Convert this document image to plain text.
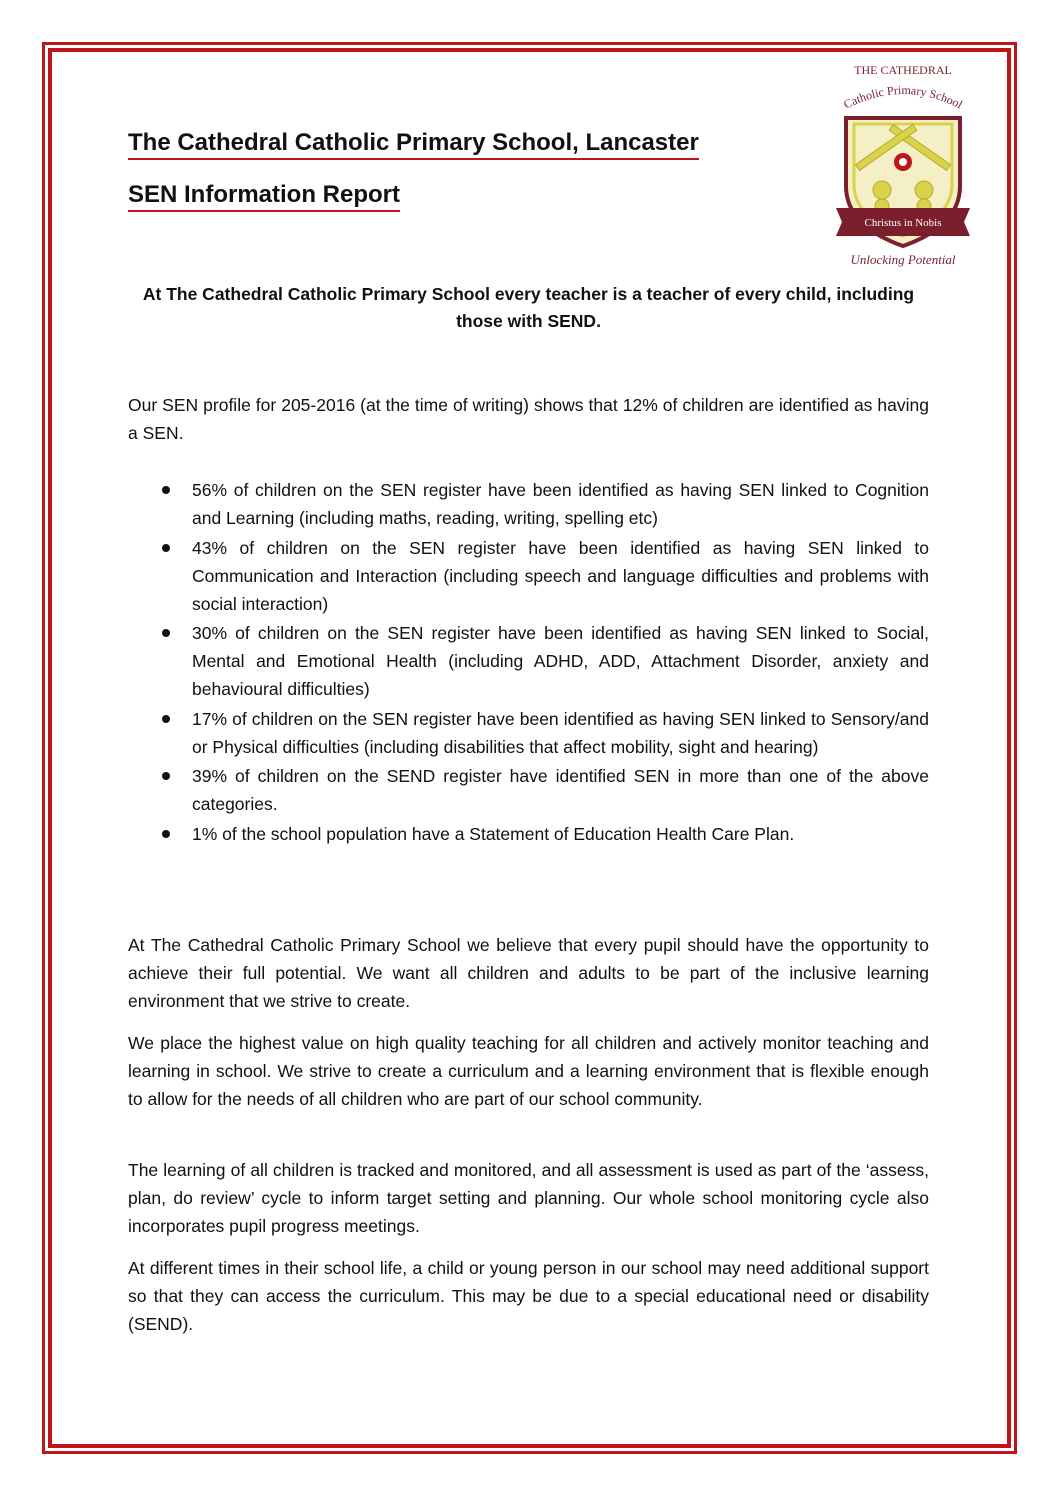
The Cathedral Catholic Primary School, Lancaster
SEN Information Report
THE CATHEDRAL
Catholic Primary School
Christus in Nobis
Unlocking Potential

At The Cathedral Catholic Primary School every teacher is a teacher of every child, including those with SEND.

Our SEN profile for 205-2016 (at the time of writing) shows that 12% of children are identified as having a SEN.

56% of children on the SEN register have been identified as having SEN linked to Cognition and Learning (including maths, reading, writing, spelling etc)
43% of children on the SEN register have been identified as having SEN linked to Communication and Interaction (including speech and language difficulties and problems with social interaction)
30% of children on the SEN register have been identified as having SEN linked to Social, Mental and Emotional Health (including ADHD, ADD, Attachment Disorder, anxiety and behavioural difficulties)
17% of children on the SEN register have been identified as having SEN linked to Sensory/and or Physical difficulties (including disabilities that affect mobility, sight and hearing)
39% of children on the SEND register have identified SEN in more than one of the above categories.
1% of the school population have a Statement of Education Health Care Plan.

At The Cathedral Catholic Primary School we believe that every pupil should have the opportunity to achieve their full potential. We want all children and adults to be part of the inclusive learning environment that we strive to create.

We place the highest value on high quality teaching for all children and actively monitor teaching and learning in school. We strive to create a curriculum and a learning environment that is flexible enough to allow for the needs of all children who are part of our school community.

The learning of all children is tracked and monitored, and all assessment is used as part of the ‘assess, plan, do review’ cycle to inform target setting and planning. Our whole school monitoring cycle also incorporates pupil progress meetings.

At different times in their school life, a child or young person in our school may need additional support so that they can access the curriculum. This may be due to a special educational need or disability (SEND).
